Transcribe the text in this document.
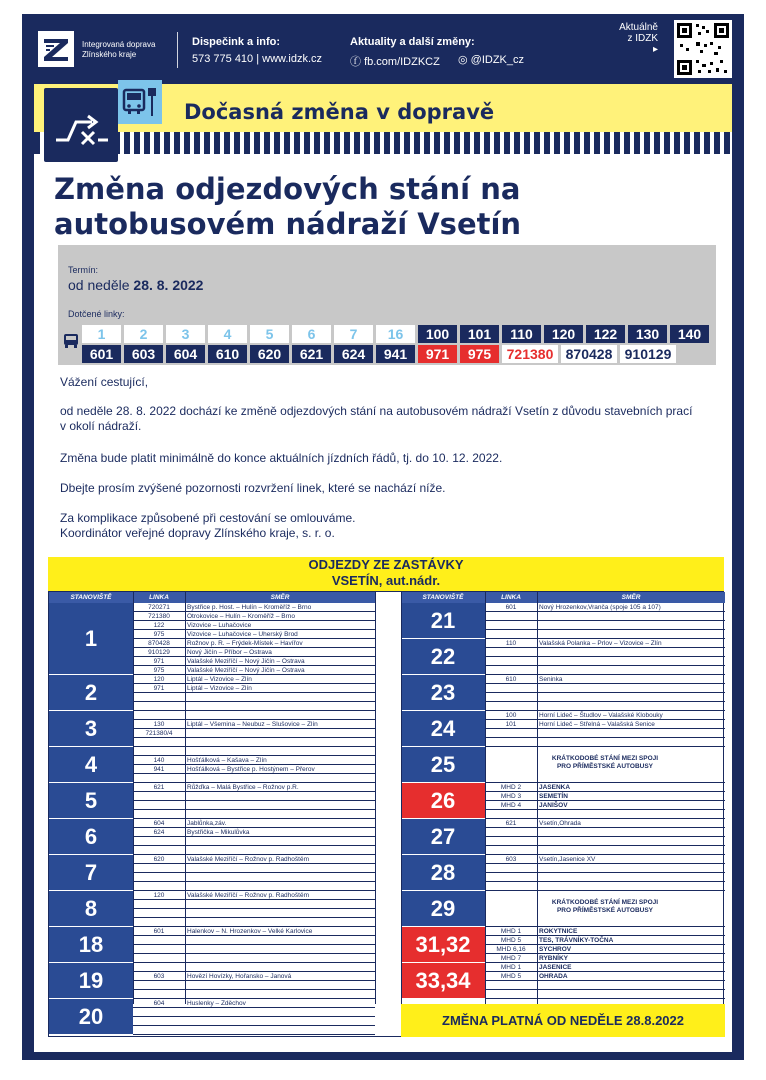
Integrovaná doprava
Zlínského kraje
Dispečink a info:
573 775 410 | www.idzk.cz
Aktuality a další změny:
ⓕ fb.com/IDZKCZ ◎ @IDZK_cz
Aktuálně
z IDZK
▸
Dočasná změna v dopravě
Změna odjezdových stání na
autobusovém nádraží Vsetín
Termín:
od neděle 28. 8. 2022
Dotčené linky:
1	2	3	4	5	6	7	16	100	101	110	120	122	130	140
601	603	604	610	620	621	624	941	971	975	721380 870428 910129
Vážení cestující,
od neděle 28. 8. 2022 dochází ke změně odjezdových stání na autobusovém nádraží Vsetín z důvodu stavebních prací v okolí nádraží.
Změna bude platit minimálně do konce aktuálních jízdních řádů, tj. do 10. 12. 2022.
Dbejte prosím zvýšené pozornosti rozvržení linek, které se nachází níže.
Za komplikace způsobené při cestování se omlouváme.
Koordinátor veřejné dopravy Zlínského kraje, s. r. o.
ODJEZDY ZE ZASTÁVKY
VSETÍN, aut.nádr.
STANOVIŠTĚ	LINKA	SMĚR	STANOVIŠTĚ	LINKA	SMĚR
ZMĚNA PLATNÁ OD NEDĚLE 28.8.2022
1
720271	Bystřice p. Host. – Hulín – Kroměříž – Brno
721380	Otrokovice – Hulín – Kroměříž – Brno
122	Vizovice – Luhačovice
975	Vizovice – Luhačovice – Uherský Brod
870428	Rožnov p. R. – Frýdek-Místek – Havířov
910129	Nový Jičín – Příbor – Ostrava
971	Valašské Meziříčí – Nový Jičín – Ostrava
975	Valašské Meziříčí – Nový Jičín – Ostrava
2	120	Liptál – Vizovice – Zlín
971	Liptál – Vizovice – Zlín
3	130	Liptál – Všemina – Neubuz – Slušovice – Zlín
721380/4
4	140	Hošťálková – Kašava – Zlín
941	Hošťálková – Bystřice p. Hostýnem – Přerov
5	621	Růžďka – Malá Bystřice – Rožnov p.R.
6	604	Jablůnka,záv.
624	Bystřička – Mikulůvka
7	620	Valašské Meziříčí – Rožnov p. Radhoštěm
8	120	Valašské Meziříčí – Rožnov p. Radhoštěm
18	601	Halenkov – N. Hrozenkov – Velké Karlovice
19	603	Hovězí Hovízky, Hořansko – Janová
20	604	Huslenky – Zděchov
21	601	Nový Hrozenkov,Vranča (spoje 105 a 107)
22	110	Valašská Polanka – Prlov – Vizovice – Zlín
23	610	Seninka
24	100	Horní Lideč – Študlov – Valašské Klobouky
101	Horní Lideč – Střelná – Valašská Senice
25	KRÁTKODOBÉ STÁNÍ MEZI SPOJI
PRO PŘÍMĚSTSKÉ AUTOBUSY
26	MHD 2	JASENKA
MHD 3	SEMETÍN
MHD 4	JANIŠOV
27	621	Vsetín,Ohrada
28	603	Vsetín,Jasenice XV
29	KRÁTKODOBÉ STÁNÍ MEZI SPOJI
PRO PŘÍMĚSTSKÉ AUTOBUSY
31,32	MHD 1	ROKYTNICE
MHD 5	TES, TRÁVNÍKY-TOČNA
MHD 6,16	SYCHROV
MHD 7	RYBNÍKY
33,34	MHD 1	JASENICE
MHD 5	OHRADA
